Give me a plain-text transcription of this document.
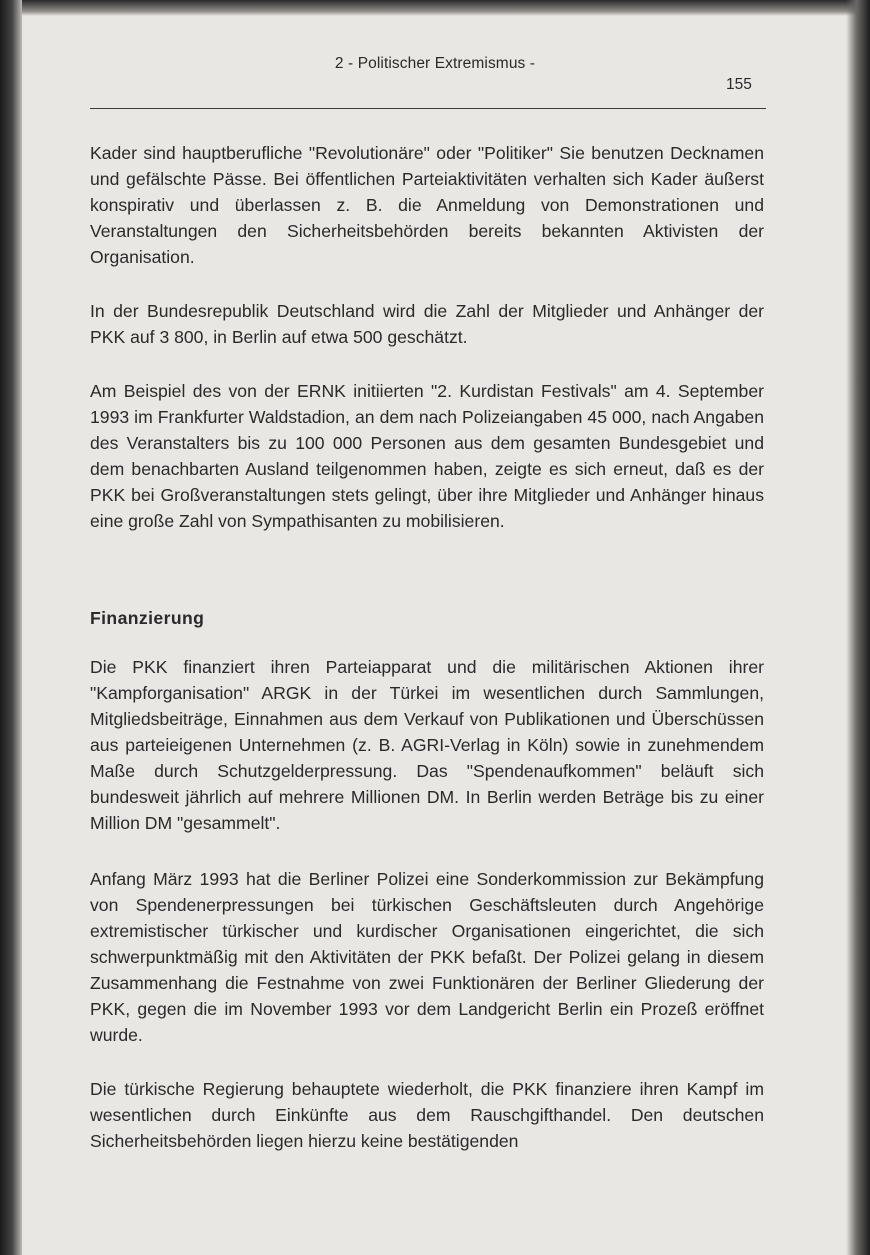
2 - Politischer Extremismus -
155

Kader sind hauptberufliche "Revolutionäre" oder "Politiker" Sie benutzen Decknamen und gefälschte Pässe. Bei öffentlichen Parteiaktivitäten verhalten sich Kader äußerst konspirativ und überlassen z. B. die Anmeldung von Demonstrationen und Veranstaltungen den Sicherheitsbehörden bereits bekannten Aktivisten der Organisation.

In der Bundesrepublik Deutschland wird die Zahl der Mitglieder und Anhänger der PKK auf 3 800, in Berlin auf etwa 500 geschätzt.

Am Beispiel des von der ERNK initiierten "2. Kurdistan Festivals" am 4. September 1993 im Frankfurter Waldstadion, an dem nach Polizeiangaben 45 000, nach Angaben des Veranstalters bis zu 100 000 Personen aus dem gesamten Bundesgebiet und dem benachbarten Ausland teilgenommen haben, zeigte es sich erneut, daß es der PKK bei Großveranstaltungen stets gelingt, über ihre Mitglieder und Anhänger hinaus eine große Zahl von Sympathisanten zu mobilisieren.

Finanzierung

Die PKK finanziert ihren Parteiapparat und die militärischen Aktionen ihrer "Kampforganisation" ARGK in der Türkei im wesentlichen durch Sammlungen, Mitgliedsbeiträge, Einnahmen aus dem Verkauf von Publikationen und Überschüssen aus parteieigenen Unternehmen (z. B. AGRI-Verlag in Köln) sowie in zunehmendem Maße durch Schutzgelderpressung. Das "Spendenaufkommen" beläuft sich bundesweit jährlich auf mehrere Millionen DM. In Berlin werden Beträge bis zu einer Million DM "gesammelt".

Anfang März 1993 hat die Berliner Polizei eine Sonderkommission zur Bekämpfung von Spendenerpressungen bei türkischen Geschäftsleuten durch Angehörige extremistischer türkischer und kurdischer Organisationen eingerichtet, die sich schwerpunktmäßig mit den Aktivitäten der PKK befaßt. Der Polizei gelang in diesem Zusammenhang die Festnahme von zwei Funktionären der Berliner Gliederung der PKK, gegen die im November 1993 vor dem Landgericht Berlin ein Prozeß eröffnet wurde.

Die türkische Regierung behauptete wiederholt, die PKK finanziere ihren Kampf im wesentlichen durch Einkünfte aus dem Rauschgifthandel. Den deutschen Sicherheitsbehörden liegen hierzu keine bestätigenden
